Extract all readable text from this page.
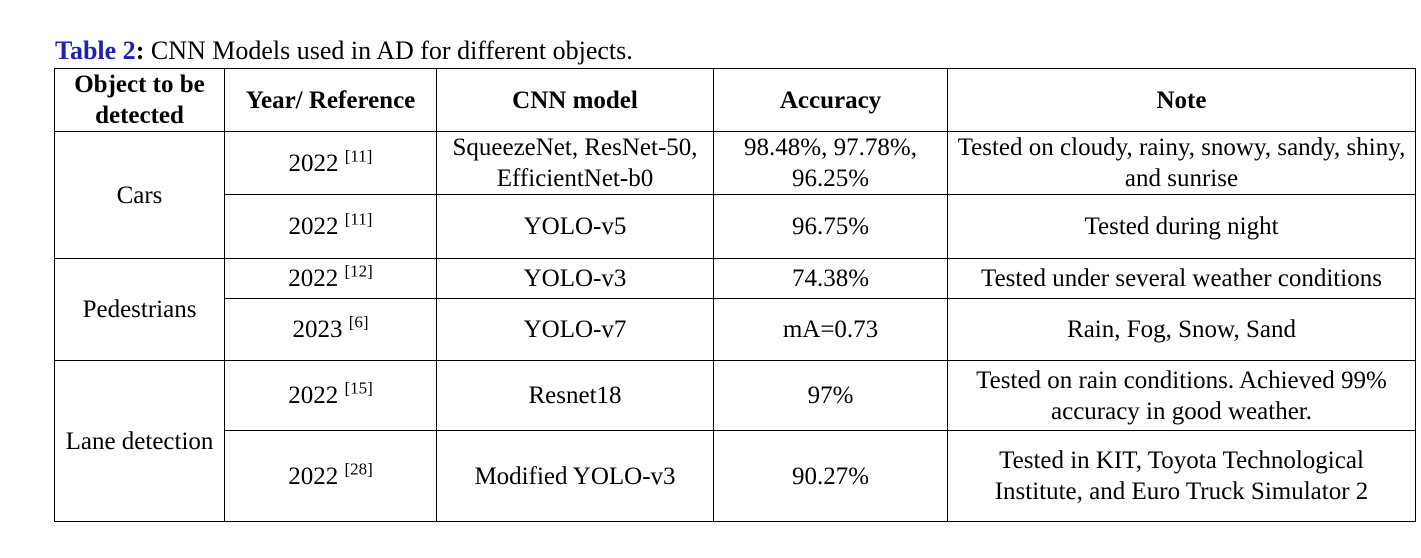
Table 2: CNN Models used in AD for different objects.
Object to be detected	Year/ Reference	CNN model	Accuracy	Note
Cars	2022 [11]	SqueezeNet, ResNet-50, EfficientNet-b0	98.48%, 97.78%, 96.25%	Tested on cloudy, rainy, snowy, sandy, shiny, and sunrise
	2022 [11]	YOLO-v5	96.75%	Tested during night
Pedestrians	2022 [12]	YOLO-v3	74.38%	Tested under several weather conditions
	2023 [6]	YOLO-v7	mA=0.73	Rain, Fog, Snow, Sand
Lane detection	2022 [15]	Resnet18	97%	Tested on rain conditions. Achieved 99% accuracy in good weather.
	2022 [28]	Modified YOLO-v3	90.27%	Tested in KIT, Toyota Technological Institute, and Euro Truck Simulator 2
